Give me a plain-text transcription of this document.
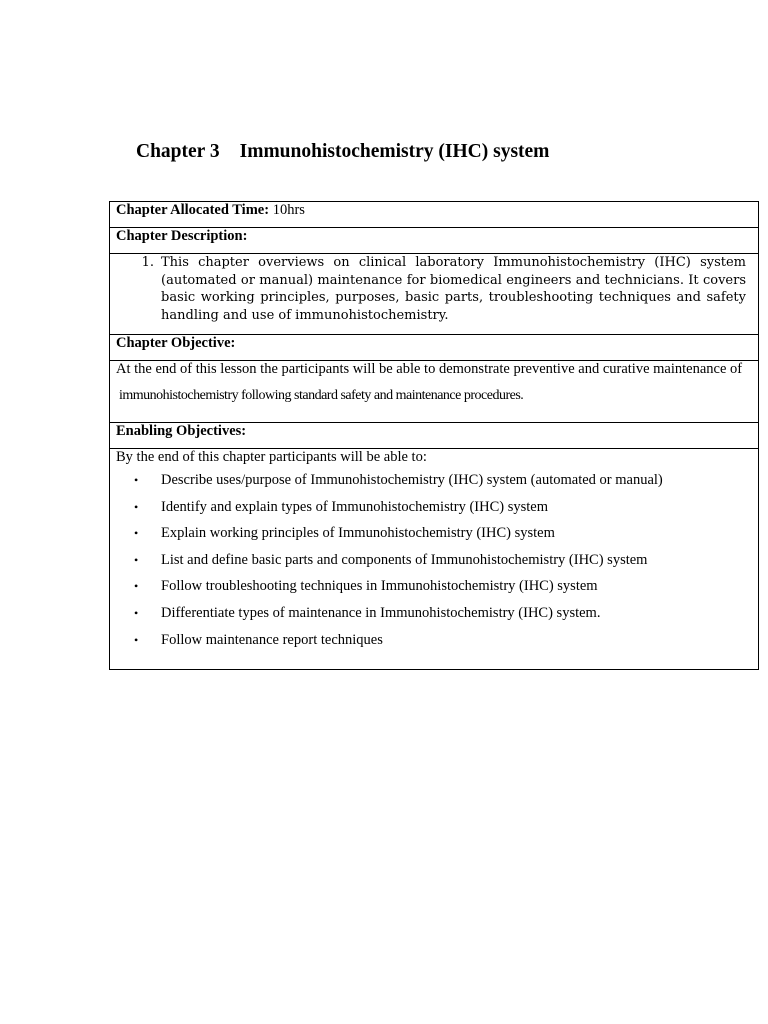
Chapter 3 Immunohistochemistry (IHC) system
Chapter Allocated Time: 10hrs
Chapter Description:

1. This chapter overviews on clinical laboratory Immunohistochemistry (IHC) system (automated or manual) maintenance for biomedical engineers and technicians. It covers basic working principles, purposes, basic parts, troubleshooting techniques and safety handling and use of immunohistochemistry.

Chapter Objective:

At the end of this lesson the participants will be able to demonstrate preventive and curative maintenance of

immunohistochemistry following standard safety and maintenance procedures.

Enabling Objectives:

By the end of this chapter participants will be able to:

•	Describe uses/purpose of Immunohistochemistry (IHC) system (automated or manual)
•	Identify and explain types of Immunohistochemistry (IHC) system
•	Explain working principles of Immunohistochemistry (IHC) system
•	List and define basic parts and components of Immunohistochemistry (IHC) system
•	Follow troubleshooting techniques in Immunohistochemistry (IHC) system
•	Differentiate types of maintenance in Immunohistochemistry (IHC) system.
•	Follow maintenance report techniques
